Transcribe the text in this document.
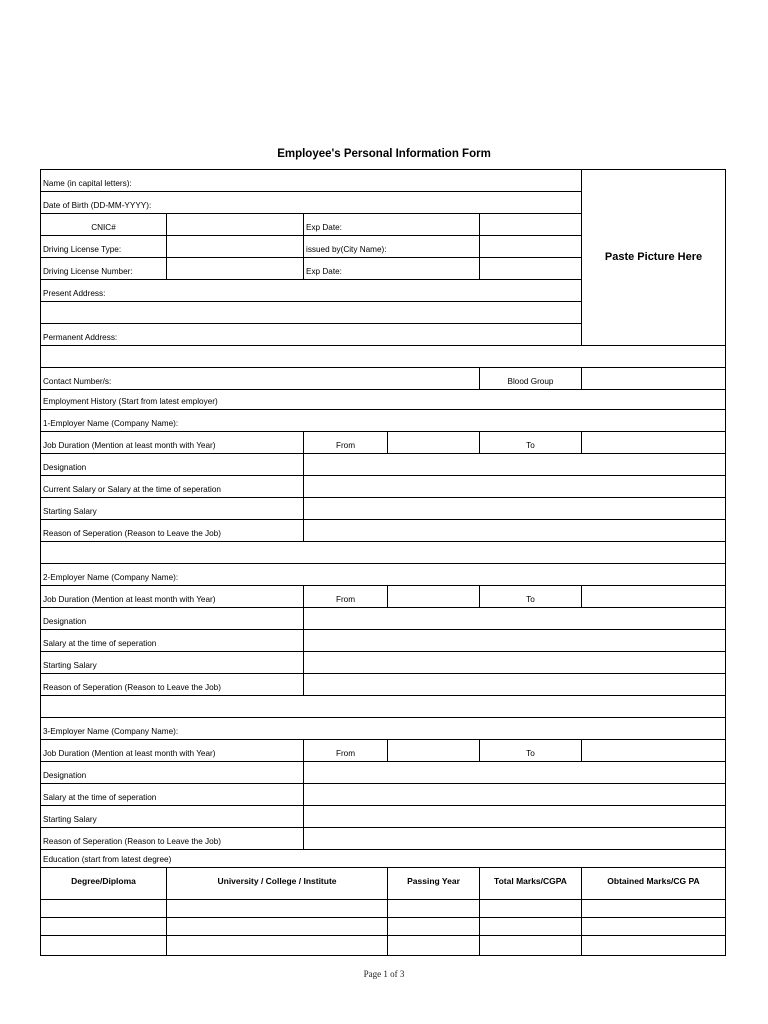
Employee's Personal Information Form
Name (in capital letters):
Date of Birth (DD-MM-YYYY):
CNIC#	Exp Date:
Driving License Type:	issued by(City Name):
Driving License Number:	Exp Date:
Present Address:
Permanent Address:
Paste Picture Here
Contact Number/s:	Blood Group
Employment History (Start from latest employer)
1-Employer Name (Company Name):
Job Duration (Mention at least month with Year)	From	To
Designation
Current Salary or Salary at the time of seperation
Starting Salary
Reason of Seperation (Reason to Leave the Job)
2-Employer Name (Company Name):
Job Duration (Mention at least month with Year)	From	To
Designation
Salary at the time of seperation
Starting Salary
Reason of Seperation (Reason to Leave the Job)
3-Employer Name (Company Name):
Job Duration (Mention at least month with Year)	From	To
Designation
Salary at the time of seperation
Starting Salary
Reason of Seperation (Reason to Leave the Job)
Education (start from latest degree)
Degree/Diploma	University / College / Institute	Passing Year	Total Marks/CGPA	Obtained Marks/CG PA
Page 1 of 3
